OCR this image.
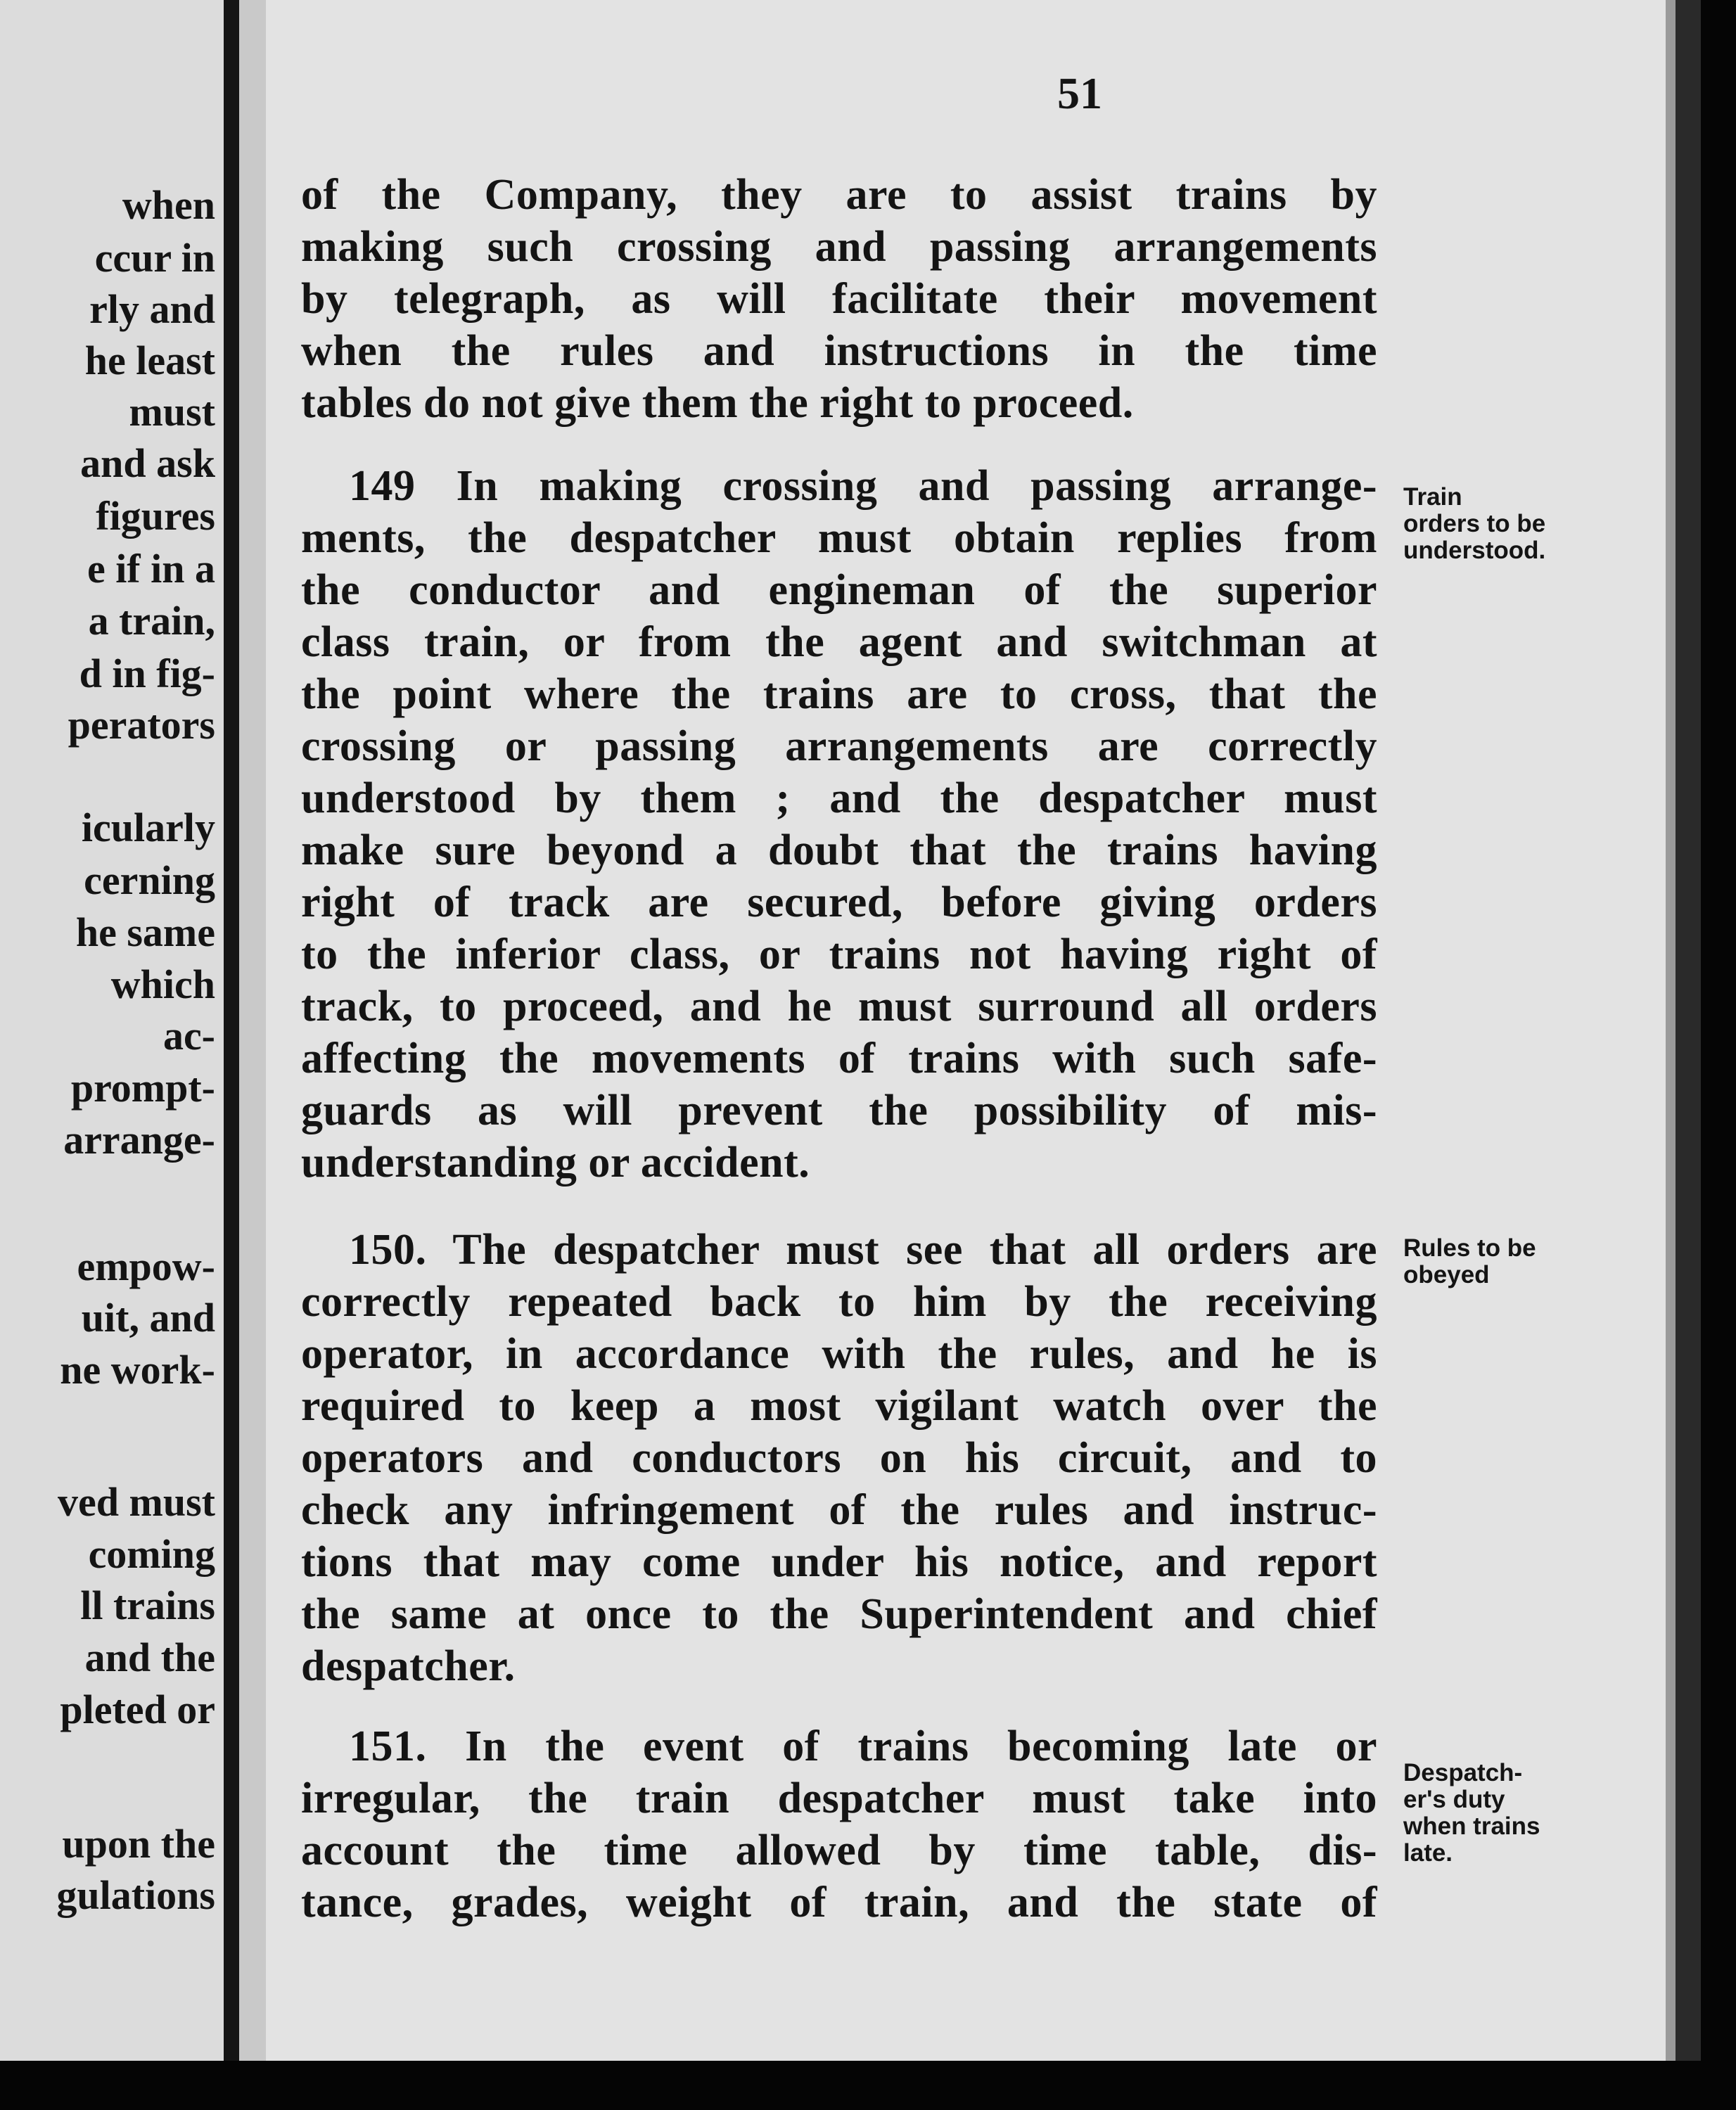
when
ccur in
rly and
he least
must
and ask
figures
e if in a
a train,
d in fig-
perators
icularly
cerning
he same
which
ac-
prompt-
arrange-
empow-
uit, and
ne work-
ved must
coming
ll trains
and the
pleted or
upon the
gulations
51
of the Company, they are to assist trains by
making such crossing and passing arrangements
by telegraph, as will facilitate their movement
when the rules and instructions in the time
tables do not give them the right to proceed.
149 In making crossing and passing arrange-
ments, the despatcher must obtain replies from
the conductor and engineman of the superior
class train, or from the agent and switchman at
the point where the trains are to cross, that the
crossing or passing arrangements are correctly
understood by them ; and the despatcher must
make sure beyond a doubt that the trains having
right of track are secured, before giving orders
to the inferior class, or trains not having right of
track, to proceed, and he must surround all orders
affecting the movements of trains with such safe-
guards as will prevent the possibility of mis-
understanding or accident.
Train
orders to be
understood.
150. The despatcher must see that all orders are
correctly repeated back to him by the receiving
operator, in accordance with the rules, and he is
required to keep a most vigilant watch over the
operators and conductors on his circuit, and to
check any infringement of the rules and instruc-
tions that may come under his notice, and report
the same at once to the Superintendent and chief
despatcher.
Rules to be
obeyed
151. In the event of trains becoming late or
irregular, the train despatcher must take into
account the time allowed by time table, dis-
tance, grades, weight of train, and the state of
Despatch-
er's duty
when trains
late.
